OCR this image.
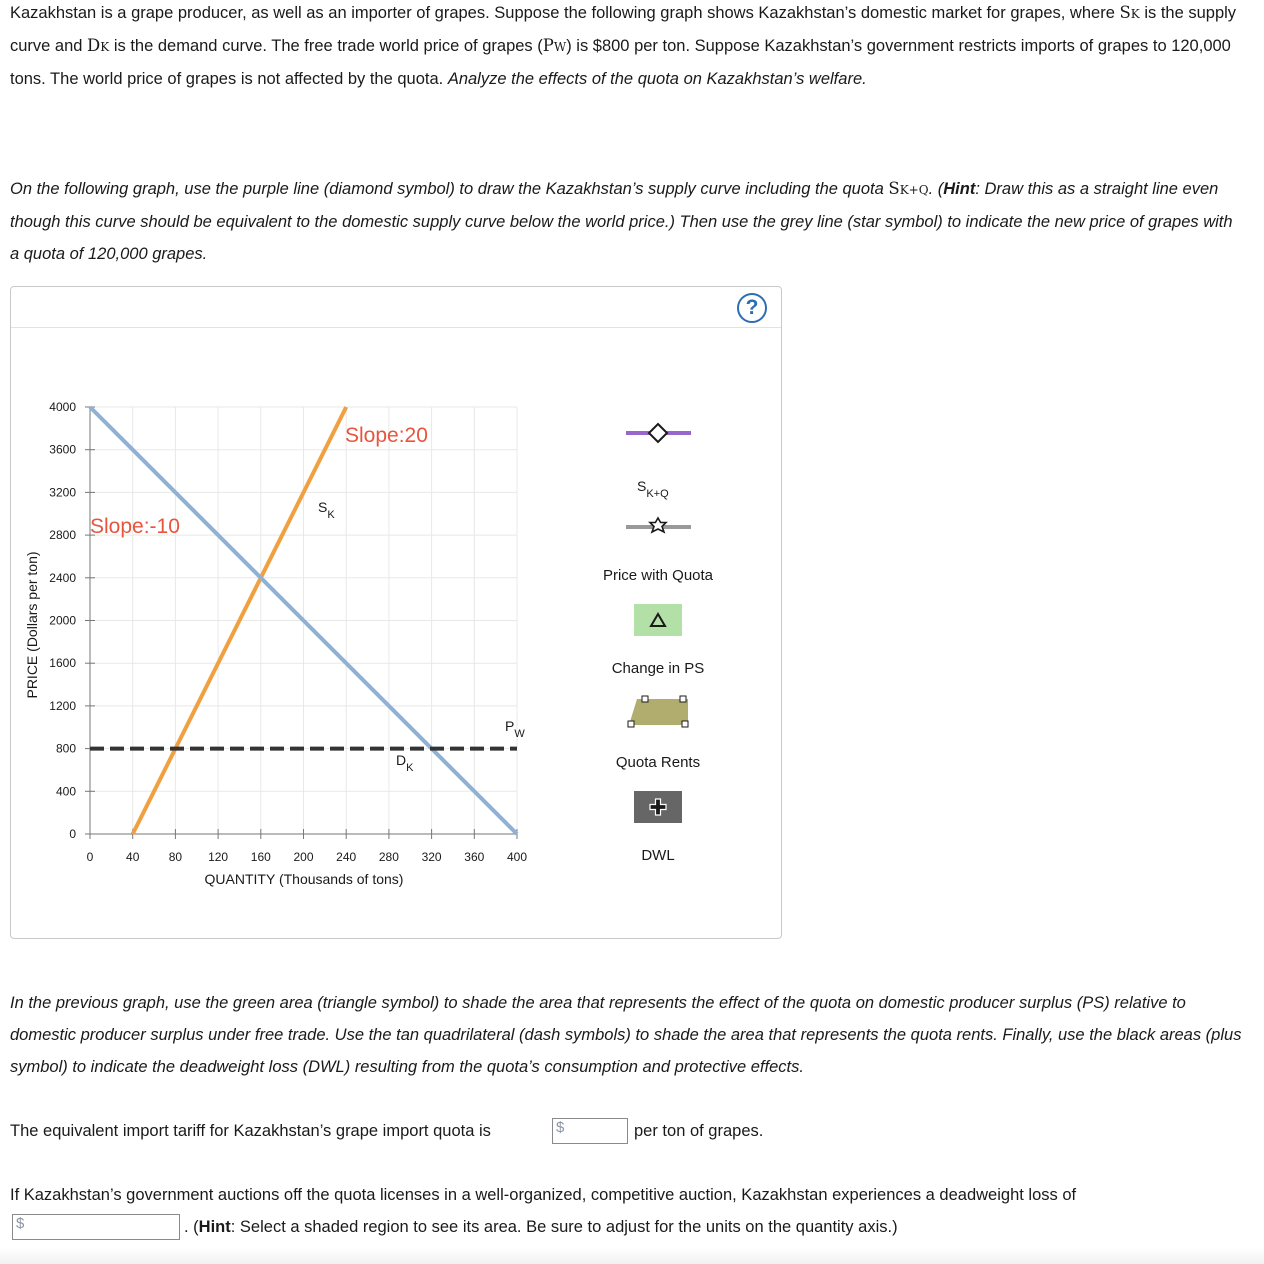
Kazakhstan is a grape producer, as well as an importer of grapes. Suppose the following graph shows Kazakhstan’s domestic market for grapes, where SK is the supply curve and DK is the demand curve. The free trade world price of grapes (PW) is $800 per ton. Suppose Kazakhstan’s government restricts imports of grapes to 120,000 tons. The world price of grapes is not affected by the quota. Analyze the effects of the quota on Kazakhstan’s welfare.

On the following graph, use the purple line (diamond symbol) to draw the Kazakhstan’s supply curve including the quota SK+Q. (Hint: Draw this as a straight line even though this curve should be equivalent to the domestic supply curve below the world price.) Then use the grey line (star symbol) to indicate the new price of grapes with a quota of 120,000 grapes.

?
0	40 80 120 160 200 240 280 320 360 400
0
400
800
1200
1600
2000
2400
2800
3200
3600
4000
PRICE (Dollars per ton)
QUANTITY (Thousands of tons)
Slope:20
Slope:-10
$S_K$
$D_K$
$P_W$
$S_{K+Q}$
Price with Quota
Change in PS
Quota Rents
DWL

In the previous graph, use the green area (triangle symbol) to shade the area that represents the effect of the quota on domestic producer surplus (PS) relative to domestic producer surplus under free trade. Use the tan quadrilateral (dash symbols) to shade the area that represents the quota rents. Finally, use the black areas (plus symbol) to indicate the deadweight loss (DWL) resulting from the quota’s consumption and protective effects.

The equivalent import tariff for Kazakhstan’s grape import quota is	$	per ton of grapes.

If Kazakhstan’s government auctions off the quota licenses in a well-organized, competitive auction, Kazakhstan experiences a deadweight loss of

$	. (Hint: Select a shaded region to see its area. Be sure to adjust for the units on the quantity axis.)
